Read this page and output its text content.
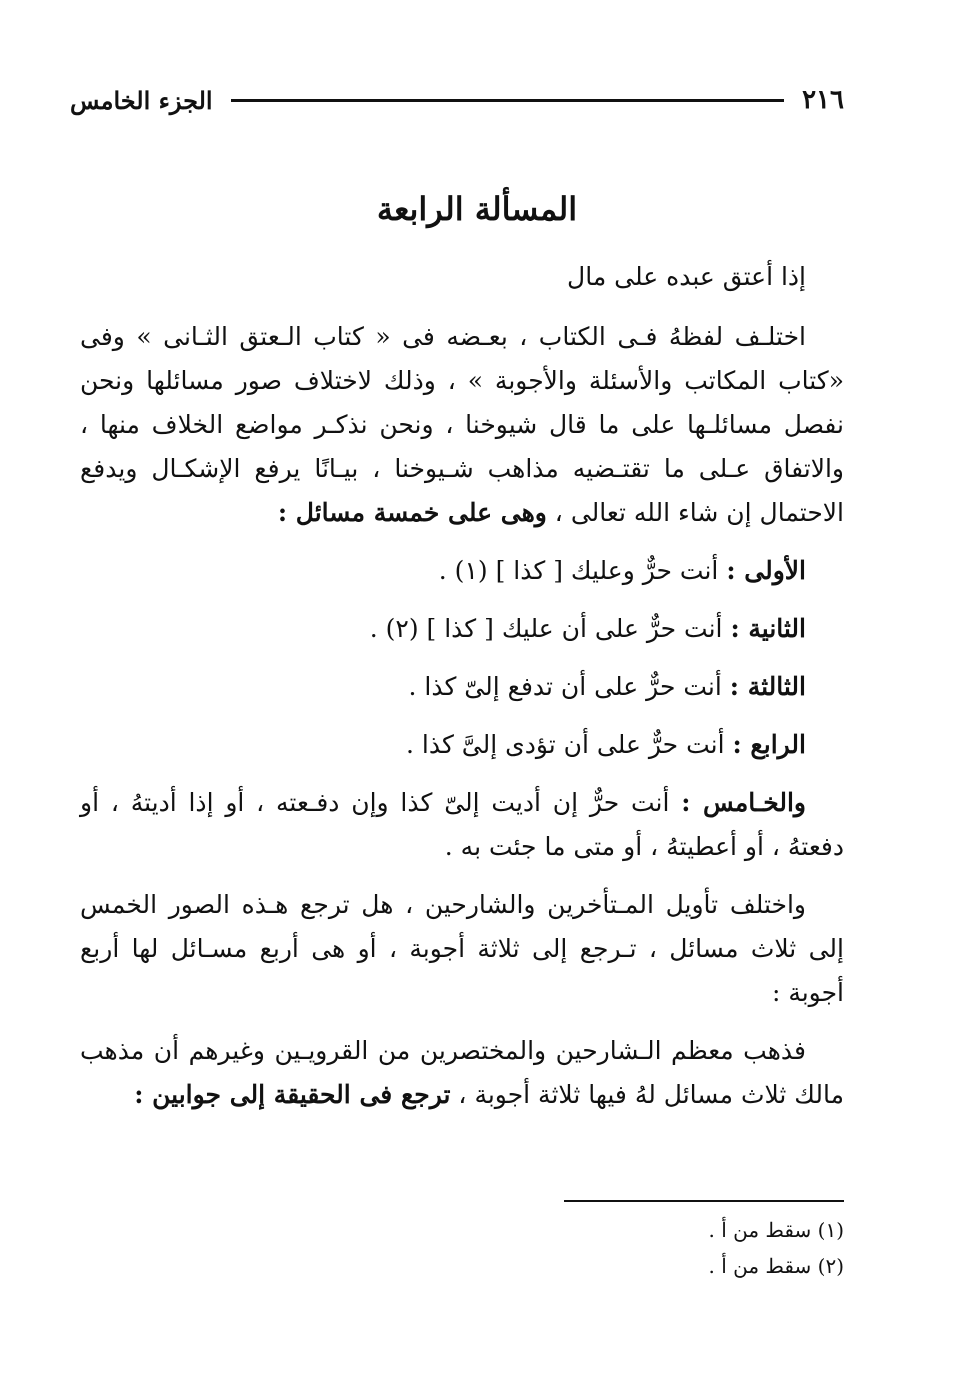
٢١٦
الجزء الخامس
المسألة الرابعة

إذا أعتق عبده على مال

اختلـف لفظهُ فـى الكتاب ، بعـضه فى « كتاب الـعتق الثـانى » وفى «كتاب المكاتب والأسئلة والأجوبة » ، وذلك لاختلاف صور مسائلها ونحن نفصل مسائلـها على ما قال شيوخنا ، ونحن نذكـر مواضع الخلاف منها ، والاتفاق عـلى ما تقتـضيه مذاهب شـيوخنا ، بيـانًا يرفع الإشكـال ويدفع الاحتمال إن شاء الله تعالى ، وهى على خمسة مسائل :

الأولى : أنت حرٌّ وعليك [ كذا ] (١) .

الثانية : أنت حرٌّ على أن عليك [ كذا ] (٢) .

الثالثة : أنت حرٌّ على أن تدفع إلىّ كذا .

الرابع : أنت حرٌّ على أن تؤدى إلىَّ كذا .

والخـامس : أنت حرٌّ إن أديت إلىّ كذا وإن دفـعته ، أو إذا أديتهُ ، أو دفعتهُ ، أو أعطيتهُ ، أو متى ما جئت به .

واختلف تأويل المـتأخرين والشارحين ، هل ترجع هـذه الصور الخمس إلى ثلاث مسائل ، تـرجع إلى ثلاثة أجوبة ، أو هى أربع مسـائل لها أربع أجوبة :

فذهب معظم الـشارحين والمختصرين من القرويـين وغيرهم أن مذهب مالك ثلاث مسائل لهُ فيها ثلاثة أجوبة ، ترجع فى الحقيقة إلى جوابين :

(١) سقط من أ .
(٢) سقط من أ .
